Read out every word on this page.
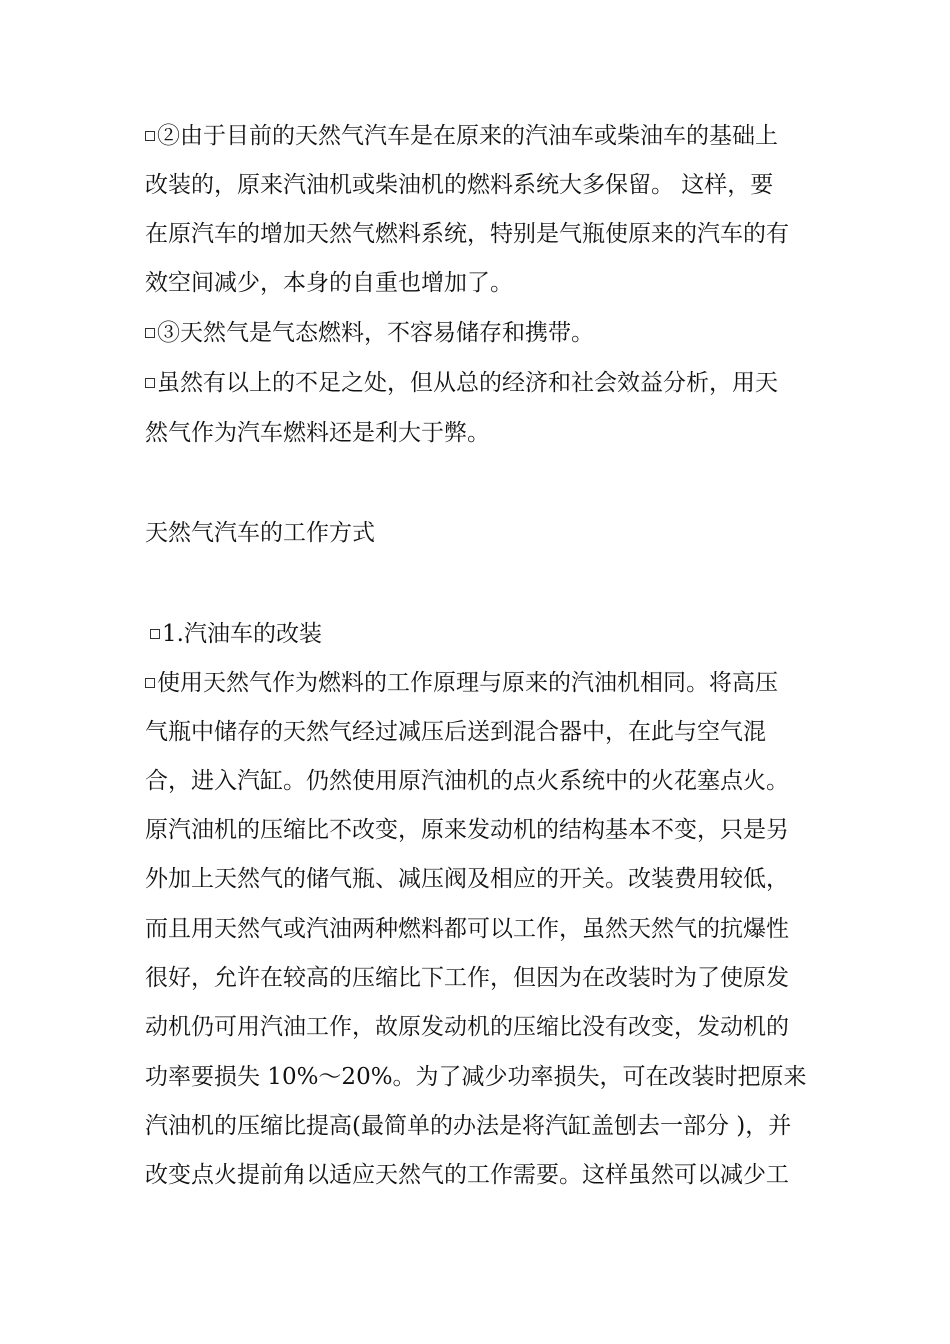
②由于目前的天然气汽车是在原来的汽油车或柴油车的基础上
改装的，原来汽油机或柴油机的燃料系统大多保留。 这样，要
在原汽车的增加天然气燃料系统，特别是气瓶使原来的汽车的有
效空间减少，本身的自重也增加了。
③天然气是气态燃料，不容易储存和携带。
虽然有以上的不足之处，但从总的经济和社会效益分析，用天
然气作为汽车燃料还是利大于弊。
天然气汽车的工作方式
1.汽油车的改装
使用天然气作为燃料的工作原理与原来的汽油机相同。将高压
气瓶中储存的天然气经过减压后送到混合器中，在此与空气混
合，进入汽缸。仍然使用原汽油机的点火系统中的火花塞点火。
原汽油机的压缩比不改变，原来发动机的结构基本不变，只是另
外加上天然气的储气瓶、减压阀及相应的开关。改装费用较低，
而且用天然气或汽油两种燃料都可以工作，虽然天然气的抗爆性
很好，允许在较高的压缩比下工作，但因为在改装时为了使原发
动机仍可用汽油工作，故原发动机的压缩比没有改变，发动机的
功率要损失 10%～20%。为了减少功率损失，可在改装时把原来
汽油机的压缩比提高(最简单的办法是将汽缸盖刨去一部分 )，并
改变点火提前角以适应天然气的工作需要。这样虽然可以减少工
